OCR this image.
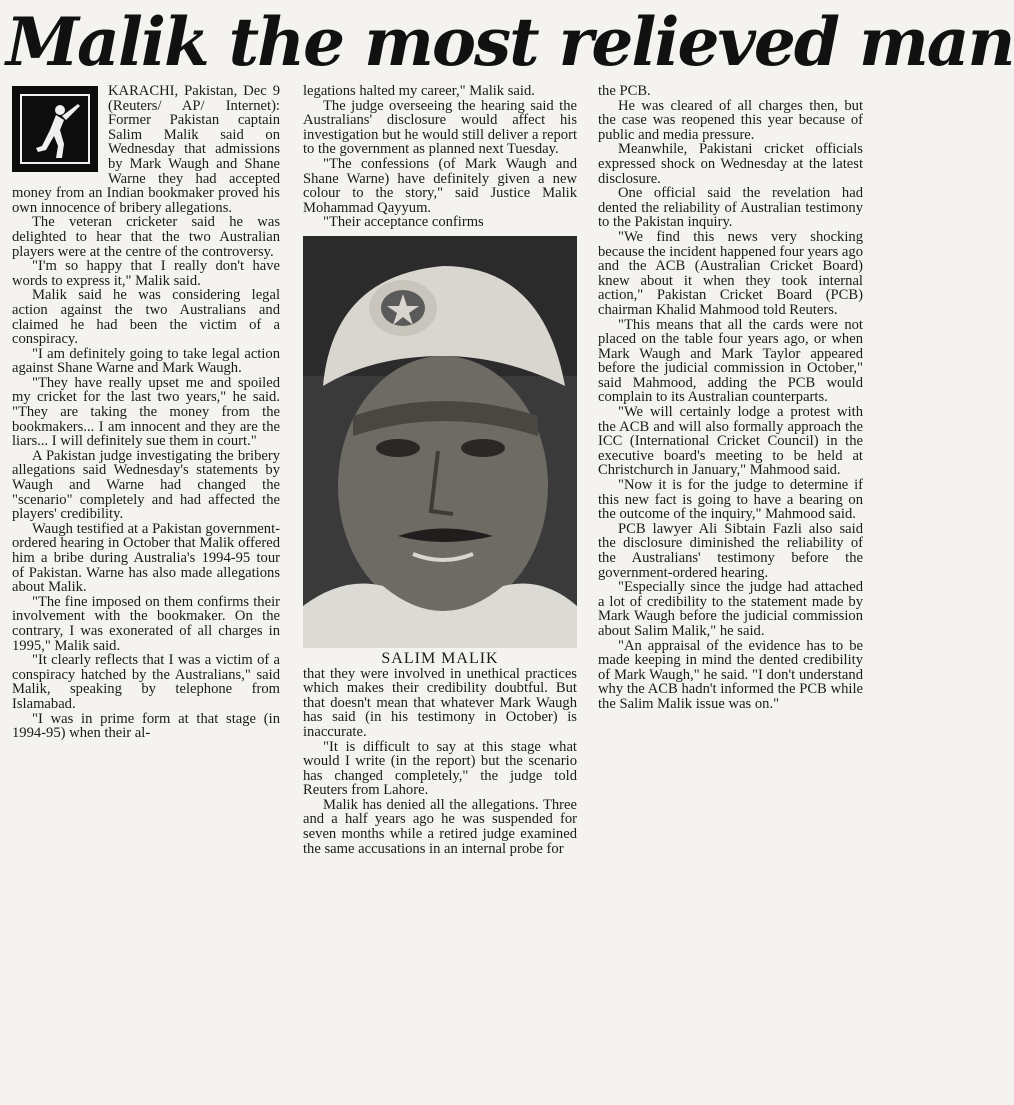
Malik the most relieved man

KARACHI, Pakistan, Dec 9 (Reuters/ AP/ Internet): Former Pakistan captain Salim Malik said on Wednesday that admissions by Mark Waugh and Shane Warne they had accepted money from an Indian bookmaker proved his own innocence of bribery allegations.

The veteran cricketer said he was delighted to hear that the two Australian players were at the centre of the controversy.

"I'm so happy that I really don't have words to express it," Malik said.

Malik said he was considering legal action against the two Australians and claimed he had been the victim of a conspiracy.

"I am definitely going to take legal action against Shane Warne and Mark Waugh.

"They have really upset me and spoiled my cricket for the last two years," he said. "They are taking the money from the bookmakers... I am innocent and they are the liars... I will definitely sue them in court."

A Pakistan judge investigating the bribery allegations said Wednesday's statements by Waugh and Warne had changed the "scenario" completely and had affected the players' credibility.

Waugh testified at a Pakistan government-ordered hearing in October that Malik offered him a bribe during Australia's 1994-95 tour of Pakistan. Warne has also made allegations about Malik.

"The fine imposed on them confirms their involvement with the bookmaker. On the contrary, I was exonerated of all charges in 1995," Malik said.

"It clearly reflects that I was a victim of a conspiracy hatched by the Australians," said Malik, speaking by telephone from Islamabad.

"I was in prime form at that stage (in 1994-95) when their al-

legations halted my career," Malik said.

The judge overseeing the hearing said the Australians' disclosure would affect his investigation but he would still deliver a report to the government as planned next Tuesday.

"The confessions (of Mark Waugh and Shane Warne) have definitely given a new colour to the story," said Justice Malik Mohammad Qayyum.

"Their acceptance confirms

SALIM MALIK

that they were involved in unethical practices which makes their credibility doubtful. But that doesn't mean that whatever Mark Waugh has said (in his testimony in October) is inaccurate.

"It is difficult to say at this stage what would I write (in the report) but the scenario has changed completely," the judge told Reuters from Lahore.

Malik has denied all the allegations. Three and a half years ago he was suspended for seven months while a retired judge examined the same accusations in an internal probe for

the PCB.

He was cleared of all charges then, but the case was reopened this year because of public and media pressure.

Meanwhile, Pakistani cricket officials expressed shock on Wednesday at the latest disclosure.

One official said the revelation had dented the reliability of Australian testimony to the Pakistan inquiry.

"We find this news very shocking because the incident happened four years ago and the ACB (Australian Cricket Board) knew about it when they took internal action," Pakistan Cricket Board (PCB) chairman Khalid Mahmood told Reuters.

"This means that all the cards were not placed on the table four years ago, or when Mark Waugh and Mark Taylor appeared before the judicial commission in October," said Mahmood, adding the PCB would complain to its Australian counterparts.

"We will certainly lodge a protest with the ACB and will also formally approach the ICC (International Cricket Council) in the executive board's meeting to be held at Christchurch in January," Mahmood said.

"Now it is for the judge to determine if this new fact is going to have a bearing on the outcome of the inquiry," Mahmood said.

PCB lawyer Ali Sibtain Fazli also said the disclosure diminished the reliability of the Australians' testimony before the government-ordered hearing.

"Especially since the judge had attached a lot of credibility to the statement made by Mark Waugh before the judicial commission about Salim Malik," he said.

"An appraisal of the evidence has to be made keeping in mind the dented credibility of Mark Waugh," he said. "I don't understand why the ACB hadn't informed the PCB while the Salim Malik issue was on."
